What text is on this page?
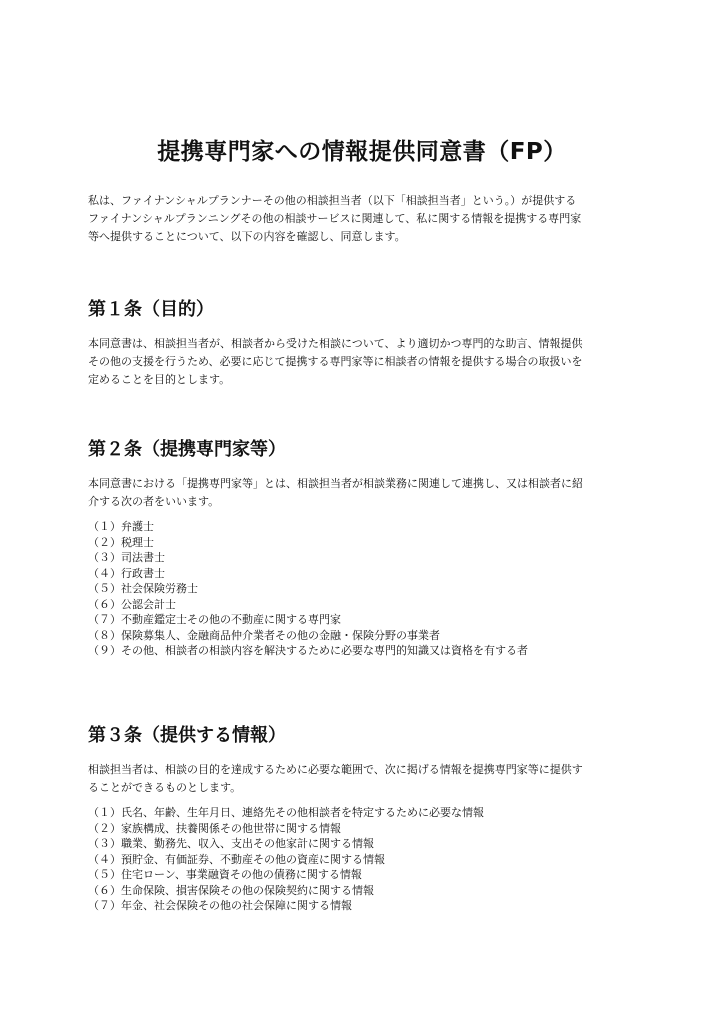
提携専門家への情報提供同意書（FP）

私は、ファイナンシャルプランナーその他の相談担当者（以下「相談担当者」という。）が提供する
ファイナンシャルプランニングその他の相談サービスに関連して、私に関する情報を提携する専門家
等へ提供することについて、以下の内容を確認し、同意します。

第１条（目的）

本同意書は、相談担当者が、相談者から受けた相談について、より適切かつ専門的な助言、情報提供
その他の支援を行うため、必要に応じて提携する専門家等に相談者の情報を提供する場合の取扱いを
定めることを目的とします。

第２条（提携専門家等）

本同意書における「提携専門家等」とは、相談担当者が相談業務に関連して連携し、又は相談者に紹
介する次の者をいいます。

（１）弁護士
（２）税理士
（３）司法書士
（４）行政書士
（５）社会保険労務士
（６）公認会計士
（７）不動産鑑定士その他の不動産に関する専門家
（８）保険募集人、金融商品仲介業者その他の金融・保険分野の事業者
（９）その他、相談者の相談内容を解決するために必要な専門的知識又は資格を有する者
第３条（提供する情報）

相談担当者は、相談の目的を達成するために必要な範囲で、次に掲げる情報を提携専門家等に提供す
ることができるものとします。

（１）氏名、年齢、生年月日、連絡先その他相談者を特定するために必要な情報
（２）家族構成、扶養関係その他世帯に関する情報
（３）職業、勤務先、収入、支出その他家計に関する情報
（４）預貯金、有価証券、不動産その他の資産に関する情報
（５）住宅ローン、事業融資その他の債務に関する情報
（６）生命保険、損害保険その他の保険契約に関する情報
（７）年金、社会保険その他の社会保障に関する情報
